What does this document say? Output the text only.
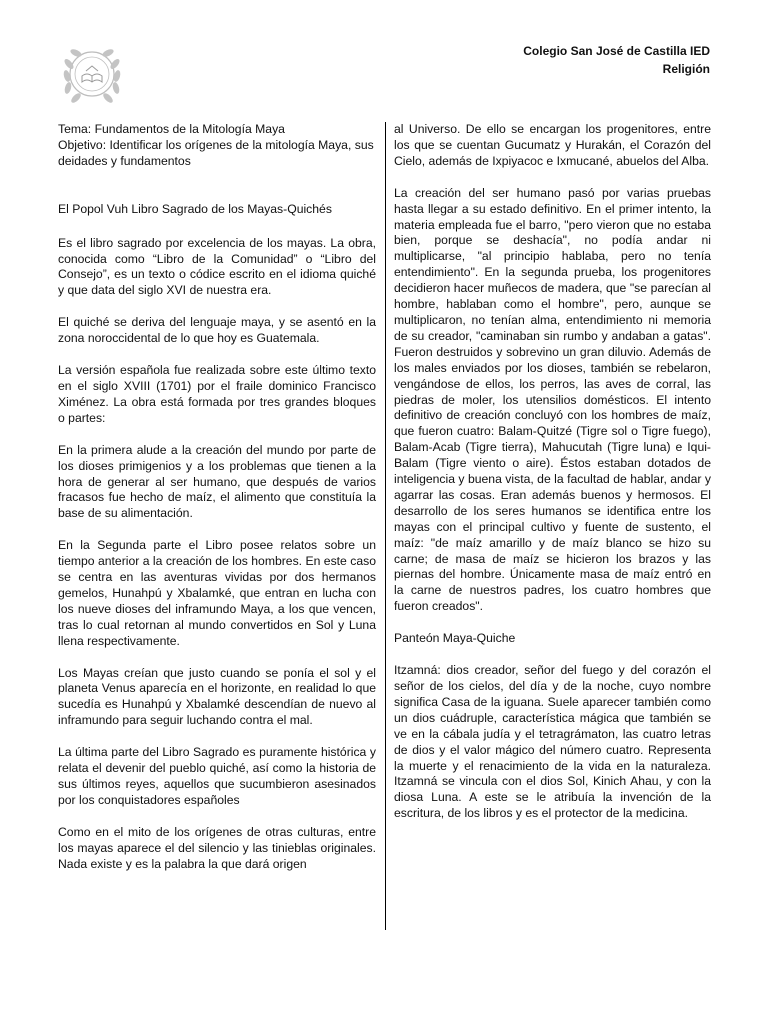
Colegio San José de Castilla IED
Religión
Tema: Fundamentos de la Mitología Maya
Objetivo: Identificar los orígenes de la mitología Maya, sus deidades y fundamentos
El Popol Vuh Libro Sagrado de los Mayas-Quichés

Es el libro sagrado por excelencia de los mayas. La obra, conocida como “Libro de la Comunidad” o “Libro del Consejo”, es un texto o códice escrito en el idioma quiché y que data del siglo XVI de nuestra era.

El quiché se deriva del lenguaje maya, y se asentó en la zona noroccidental de lo que hoy es Guatemala.

La versión española fue realizada sobre este último texto en el siglo XVIII (1701) por el fraile dominico Francisco Ximénez. La obra está formada por tres grandes bloques o partes:

En la primera alude a la creación del mundo por parte de los dioses primigenios y a los problemas que tienen a la hora de generar al ser humano, que después de varios fracasos fue hecho de maíz, el alimento que constituía la base de su alimentación.

En la Segunda parte el Libro posee relatos sobre un tiempo anterior a la creación de los hombres. En este caso se centra en las aventuras vividas por dos hermanos gemelos, Hunahpú y Xbalamké, que entran en lucha con los nueve dioses del inframundo Maya, a los que vencen, tras lo cual retornan al mundo convertidos en Sol y Luna llena respectivamente.

Los Mayas creían que justo cuando se ponía el sol y el planeta Venus aparecía en el horizonte, en realidad lo que sucedía es Hunahpú y Xbalamké descendían de nuevo al inframundo para seguir luchando contra el mal.

La última parte del Libro Sagrado es puramente histórica y relata el devenir del pueblo quiché, así como la historia de sus últimos reyes, aquellos que sucumbieron asesinados por los conquistadores españoles

Como en el mito de los orígenes de otras culturas, entre los mayas aparece el del silencio y las tinieblas originales. Nada existe y es la palabra la que dará origen

al Universo. De ello se encargan los progenitores, entre los que se cuentan Gucumatz y Hurakán, el Corazón del Cielo, además de Ixpiyacoc e Ixmucané, abuelos del Alba.

La creación del ser humano pasó por varias pruebas hasta llegar a su estado definitivo. En el primer intento, la materia empleada fue el barro, "pero vieron que no estaba bien, porque se deshacía", no podía andar ni multiplicarse, "al principio hablaba, pero no tenía entendimiento". En la segunda prueba, los progenitores decidieron hacer muñecos de madera, que "se parecían al hombre, hablaban como el hombre", pero, aunque se multiplicaron, no tenían alma, entendimiento ni memoria de su creador, "caminaban sin rumbo y andaban a gatas". Fueron destruidos y sobrevino un gran diluvio. Además de los males enviados por los dioses, también se rebelaron, vengándose de ellos, los perros, las aves de corral, las piedras de moler, los utensilios domésticos. El intento definitivo de creación concluyó con los hombres de maíz, que fueron cuatro: Balam-Quitzé (Tigre sol o Tigre fuego), Balam-Acab (Tigre tierra), Mahucutah (Tigre luna) e Iqui-Balam (Tigre viento o aire). Éstos estaban dotados de inteligencia y buena vista, de la facultad de hablar, andar y agarrar las cosas. Eran además buenos y hermosos. El desarrollo de los seres humanos se identifica entre los mayas con el principal cultivo y fuente de sustento, el maíz: "de maíz amarillo y de maíz blanco se hizo su carne; de masa de maíz se hicieron los brazos y las piernas del hombre. Únicamente masa de maíz entró en la carne de nuestros padres, los cuatro hombres que fueron creados".

Panteón Maya-Quiche

Itzamná: dios creador, señor del fuego y del corazón el señor de los cielos, del día y de la noche, cuyo nombre significa Casa de la iguana. Suele aparecer también como un dios cuádruple, característica mágica que también se ve en la cábala judía y el tetragrámaton, las cuatro letras de dios y el valor mágico del número cuatro. Representa la muerte y el renacimiento de la vida en la naturaleza. Itzamná se vincula con el dios Sol, Kinich Ahau, y con la diosa Luna. A este se le atribuía la invención de la escritura, de los libros y es el protector de la medicina.
